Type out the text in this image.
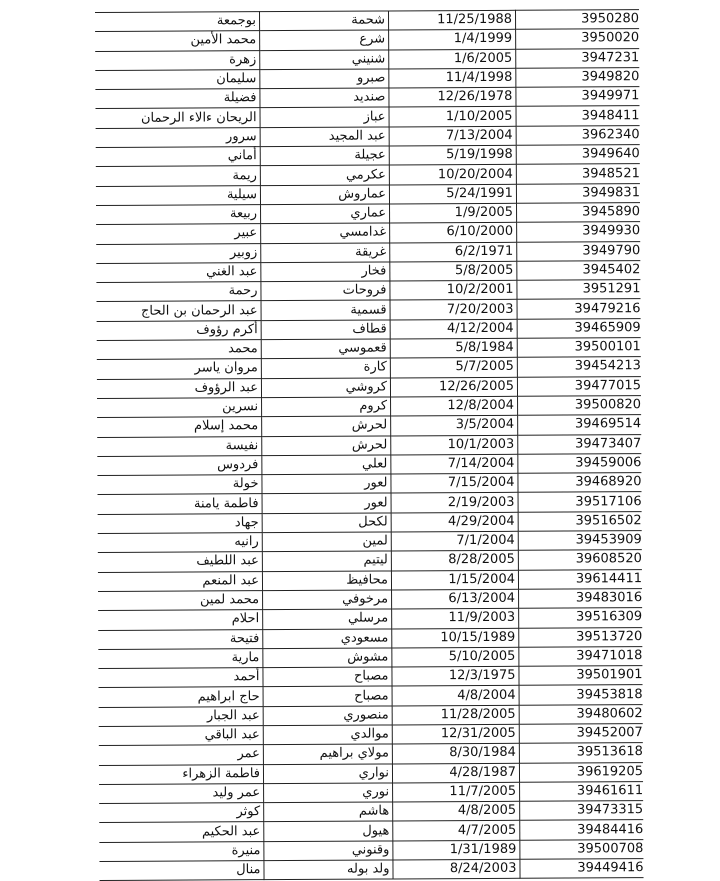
بوجمعة	شحمة	11/25/1988	3950280
محمد الأمين	شرع	1/4/1999	3950020
زهرة	شنيني	1/6/2005	3947231
سليمان	صبرو	11/4/1998	3949820
فضيلة	صنديد	12/26/1978	3949971
الريحان ءالاء الرحمان	عباز	1/10/2005	3948411
سرور	عبد المجيد	7/13/2004	3962340
أماني	عجيلة	5/19/1998	3949640
ريمة	عكرمي	10/20/2004	3948521
سيلية	عماروش	5/24/1991	3949831
ربيعة	عماري	1/9/2005	3945890
عبير	غدامسي	6/10/2000	3949930
زوبير	غريقة	6/2/1971	3949790
عبد الغني	فخار	5/8/2005	3945402
رحمة	فروحات	10/2/2001	3951291
عبد الرحمان بن الحاج	قسمية	7/20/2003	39479216
أكرم رؤوف	قطاف	4/12/2004	39465909
محمد	قعموسي	5/8/1984	39500101
مروان ياسر	كارة	5/7/2005	39454213
عبد الرؤوف	كروشي	12/26/2005	39477015
نسرين	كروم	12/8/2004	39500820
محمد إسلام	لحرش	3/5/2004	39469514
نفيسة	لحرش	10/1/2003	39473407
فردوس	لعلي	7/14/2004	39459006
خولة	لعور	7/15/2004	39468920
فاطمة يامنة	لعور	2/19/2003	39517106
جهاد	لكحل	4/29/2004	39516502
رانيه	لمين	7/1/2004	39453909
عبد اللطيف	ليتيم	8/28/2005	39608520
عبد المنعم	محافيظ	1/15/2004	39614411
محمد لمين	مرخوفي	6/13/2004	39483016
احلام	مرسلي	11/9/2003	39516309
فتيحة	مسعودي	10/15/1989	39513720
مارية	مشوش	5/10/2005	39471018
أحمد	مصباح	12/3/1975	39501901
حاج ابراهيم	مصباح	4/8/2004	39453818
عبد الجبار	منصوري	11/28/2005	39480602
عبد الباقي	موالدي	12/31/2005	39452007
عمر	مولاي براهيم	8/30/1984	39513618
فاطمة الزهراء	نواري	4/28/1987	39619205
عمر وليد	نوري	11/7/2005	39461611
كوثر	هاشم	4/8/2005	39473315
عبد الحكيم	هيول	4/7/2005	39484416
منيرة	وقنوني	1/31/1989	39500708
منال	ولد بوله	8/24/2003	39449416
